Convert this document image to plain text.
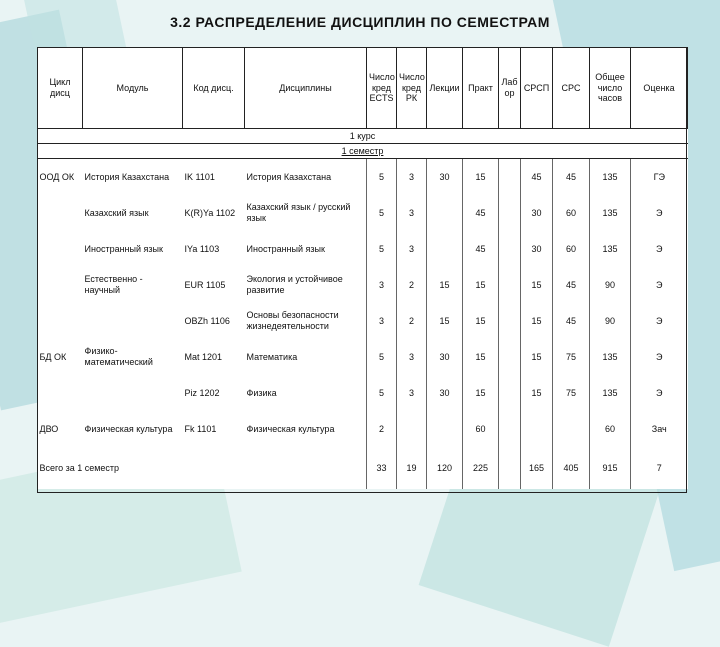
3.2 РАСПРЕДЕЛЕНИЕ ДИСЦИПЛИН ПО СЕМЕСТРАМ
Цикл дисц	Модуль	Код дисц.	Дисциплины	Число кред ECTS	Число кред РК	Лекции	Практ	Лаб ор	СРСП	СРС	Общее число часов	Оценка
1 курс												
1 семестр												
ООД ОК	История Казахстана	IK 1101	История Казахстана	5	3	30	15		45	45	135	ГЭ
	Казахский язык	K(R)Ya 1102	Казахский язык / русский язык	5	3		45		30	60	135	Э
	Иностранный язык	IYa 1103	Иностранный язык	5	3		45		30	60	135	Э
	Естественно - научный	EUR 1105	Экология и устойчивое развитие	3	2	15	15		15	45	90	Э
		OBZh 1106	Основы безопасности жизнедеятельности	3	2	15	15		15	45	90	Э
БД ОК	Физико-математический	Mat 1201	Математика	5	3	30	15		15	75	135	Э
		Piz 1202	Физика	5	3	30	15		15	75	135	Э
ДВО	Физическая культура	Fk 1101	Физическая культура	2			60				60	Зач
Всего за 1 семестр				33	19	120	225		165	405	915	7
